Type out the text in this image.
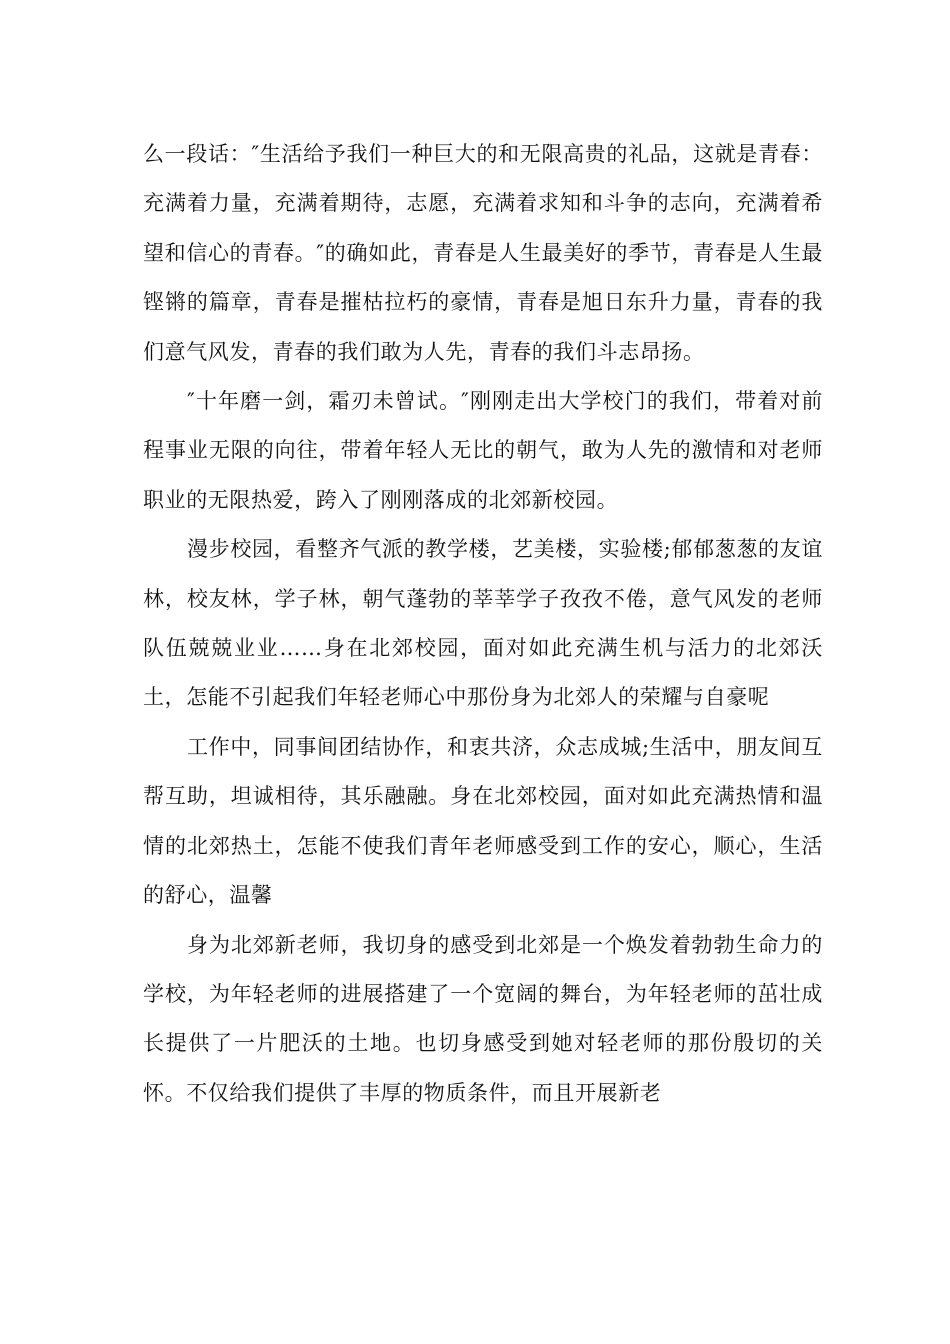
么一段话：″生活给予我们一种巨大的和无限高贵的礼品，这就是青春：充满着力量，充满着期待，志愿，充满着求知和斗争的志向，充满着希望和信心的青春。″的确如此，青春是人生最美好的季节，青春是人生最铿锵的篇章，青春是摧枯拉朽的豪情，青春是旭日东升力量，青春的我们意气风发，青春的我们敢为人先，青春的我们斗志昂扬。

″十年磨一剑，霜刃未曾试。″刚刚走出大学校门的我们，带着对前程事业无限的向往，带着年轻人无比的朝气，敢为人先的激情和对老师职业的无限热爱，跨入了刚刚落成的北郊新校园。

漫步校园，看整齐气派的教学楼，艺美楼，实验楼;郁郁葱葱的友谊林，校友林，学子林，朝气蓬勃的莘莘学子孜孜不倦，意气风发的老师队伍兢兢业业……身在北郊校园，面对如此充满生机与活力的北郊沃土，怎能不引起我们年轻老师心中那份身为北郊人的荣耀与自豪呢

工作中，同事间团结协作，和衷共济，众志成城;生活中，朋友间互帮互助，坦诚相待，其乐融融。身在北郊校园，面对如此充满热情和温情的北郊热土，怎能不使我们青年老师感受到工作的安心，顺心，生活的舒心，温馨

身为北郊新老师，我切身的感受到北郊是一个焕发着勃勃生命力的学校，为年轻老师的进展搭建了一个宽阔的舞台，为年轻老师的茁壮成长提供了一片肥沃的土地。也切身感受到她对轻老师的那份殷切的关怀。不仅给我们提供了丰厚的物质条件，而且开展新老
